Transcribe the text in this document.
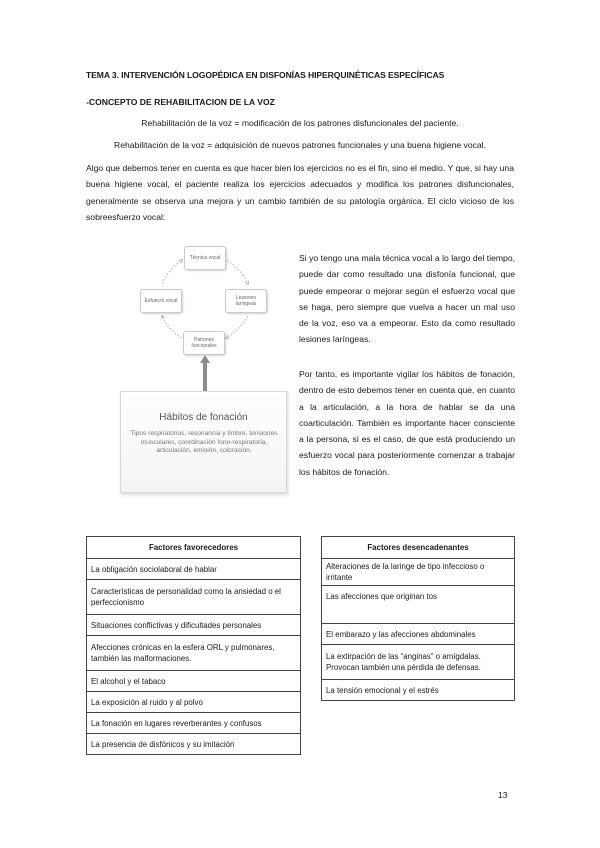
TEMA 3. INTERVENCIÓN LOGOPÉDICA EN DISFONÍAS HIPERQUINÉTICAS ESPECÍFICAS
-CONCEPTO DE REHABILITACION DE LA VOZ
Rehabilitación de la voz = modificación de los patrones disfuncionales del paciente.
Rehabilitación de la voz = adquisición de nuevos patrones funcionales y una buena higiene vocal.
Algo que debemos tener en cuenta es que hacer bien los ejercicios no es el fin, sino el medio. Y que, si hay una buena higiene vocal, el paciente realiza los ejercicios adecuados y modifica los patrones disfuncionales, generalmente se observa una mejora y un cambio también de su patología orgánica. El ciclo vicioso de los sobreesfuerzo vocal:
Técnica vocal
Lesiones laríngeas
Patrones funcionales
Esfuerzo vocal
Hábitos de fonación
Tipos respiratorios, resonancia y timbre, tensiones musculares, coordinación fono-respiratoria, articulación, emisión, coloración.
Si yo tengo una mala técnica vocal a lo largo del tiempo, puede dar como resultado una disfonía funcional, que puede empeorar o mejorar según el esfuerzo vocal que se haga, pero siempre que vuelva a hacer un mal uso de la voz, eso va a empeorar. Esto da como resultado lesiones laríngeas.
Por tanto, es importante vigilar los hábitos de fonación, dentro de esto debemos tener en cuenta que, en cuanto a la articulación, a la hora de hablar se da una coarticulación. También es importante hacer consciente a la persona, si es el caso, de que está produciendo un esfuerzo vocal para posteriormente comenzar a trabajar los hábitos de fonación.
Factores favorecedores
La obligación sociolaboral de hablar
Características de personalidad como la ansiedad o el perfeccionismo
Situaciones conflictivas y dificultades personales
Afecciones crónicas en la esfera ORL y pulmonares, también las malformaciones.
El alcohol y el tabaco
La exposición al ruido y al polvo
La fonación en lugares reverberantes y confusos
La presencia de disfónicos y su imitación
Factores desencadenantes
Alteraciones de la laringe de tipo infeccioso o irritante
Las afecciones que originan tos
El embarazo y las afecciones abdominales
La extirpación de las “anginas” o amígdalas. Provocan también una pérdida de defensas.
La tensión emocional y el estrés
13
